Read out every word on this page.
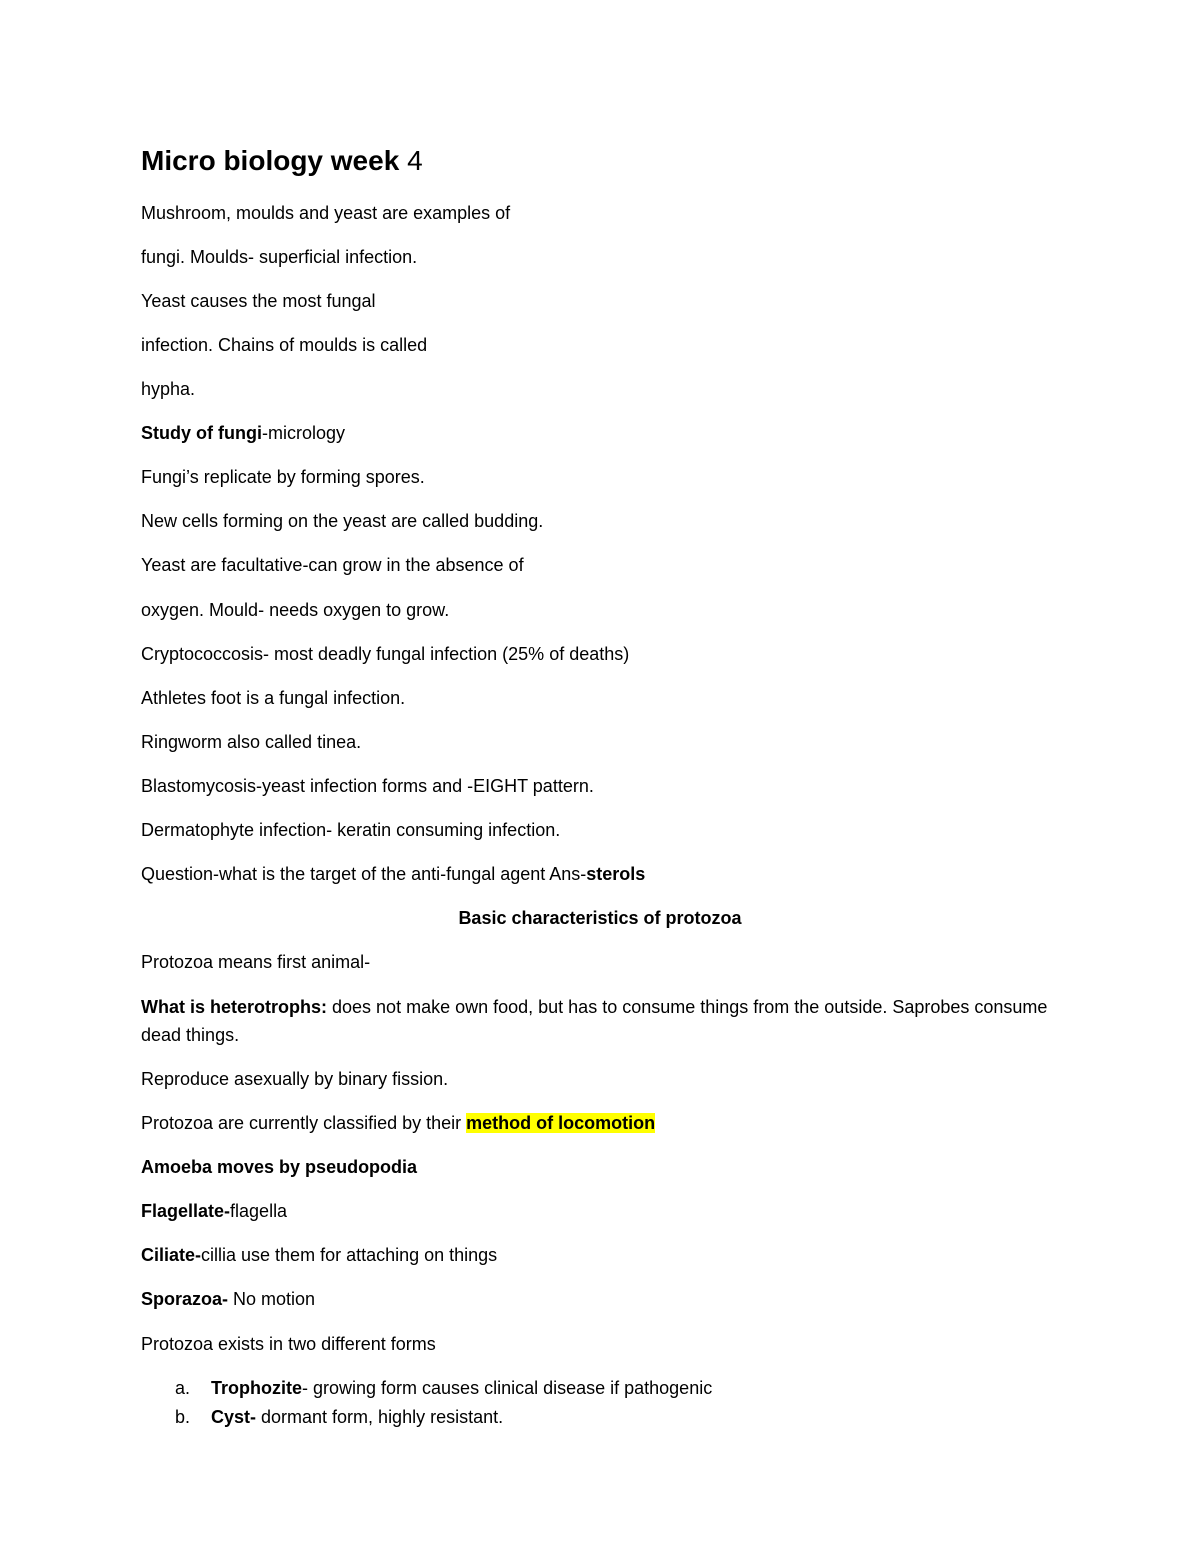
Micro biology week 4
Mushroom, moulds and yeast are examples of
fungi. Moulds- superficial infection.
Yeast causes the most fungal
infection. Chains of moulds is called
hypha.
Study of fungi-micrology
Fungi’s replicate by forming spores.
New cells forming on the yeast are called budding.
Yeast are facultative-can grow in the absence of
oxygen. Mould- needs oxygen to grow.
Cryptococcosis- most deadly fungal infection (25% of deaths)
Athletes foot is a fungal infection.
Ringworm also called tinea.
Blastomycosis-yeast infection forms and -EIGHT pattern.
Dermatophyte infection- keratin consuming infection.
Question-what is the target of the anti-fungal agent Ans-sterols
Basic characteristics of protozoa
Protozoa means first animal-
What is heterotrophs: does not make own food, but has to consume things from the outside. Saprobes consume dead things.
Reproduce asexually by binary fission.
Protozoa are currently classified by their method of locomotion
Amoeba moves by pseudopodia
Flagellate-flagella
Ciliate-cillia use them for attaching on things
Sporazoa- No motion
Protozoa exists in two different forms
a. Trophozite- growing form causes clinical disease if pathogenic
b. Cyst- dormant form, highly resistant.
